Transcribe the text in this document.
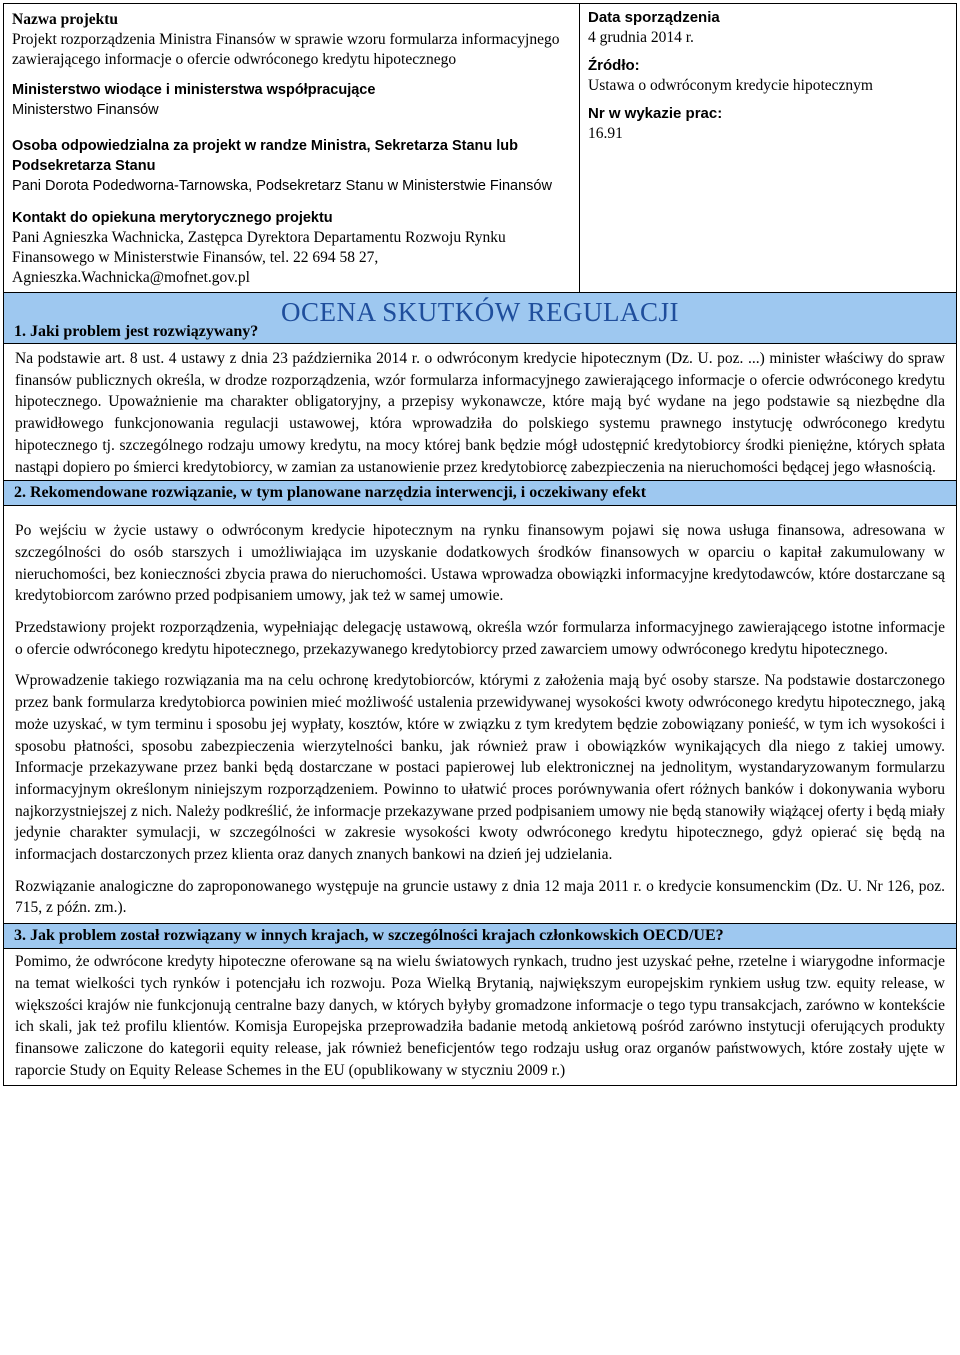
Nazwa projektu
Projekt rozporządzenia Ministra Finansów w sprawie wzoru formularza informacyjnego zawierającego informacje o ofercie odwróconego kredytu hipotecznego
Ministerstwo wiodące i ministerstwa współpracujące
Ministerstwo Finansów
Osoba odpowiedzialna za projekt w randze Ministra, Sekretarza Stanu lub Podsekretarza Stanu
Pani Dorota Podedworna-Tarnowska, Podsekretarz Stanu w Ministerstwie Finansów
Kontakt do opiekuna merytorycznego projektu
Pani Agnieszka Wachnicka, Zastępca Dyrektora Departamentu Rozwoju Rynku Finansowego w Ministerstwie Finansów, tel. 22 694 58 27, Agnieszka.Wachnicka@mofnet.gov.pl
Data sporządzenia
4 grudnia 2014 r.
Źródło:
Ustawa o odwróconym kredycie hipotecznym
Nr w wykazie prac:
16.91
OCENA SKUTKÓW REGULACJI
1. Jaki problem jest rozwiązywany?

Na podstawie art. 8 ust. 4 ustawy z dnia 23 października 2014 r. o odwróconym kredycie hipotecznym (Dz. U. poz. ...) minister właściwy do spraw finansów publicznych określa, w drodze rozporządzenia, wzór formularza informacyjnego zawierającego informacje o ofercie odwróconego kredytu hipotecznego. Upoważnienie ma charakter obligatoryjny, a przepisy wykonawcze, które mają być wydane na jego podstawie są niezbędne dla prawidłowego funkcjonowania regulacji ustawowej, która wprowadziła do polskiego systemu prawnego instytucję odwróconego kredytu hipotecznego tj. szczególnego rodzaju umowy kredytu, na mocy której bank będzie mógł udostępnić kredytobiorcy środki pieniężne, których spłata nastąpi dopiero po śmierci kredytobiorcy, w zamian za ustanowienie przez kredytobiorcę zabezpieczenia na nieruchomości będącej jego własnością.

2. Rekomendowane rozwiązanie, w tym planowane narzędzia interwencji, i oczekiwany efekt

Po wejściu w życie ustawy o odwróconym kredycie hipotecznym na rynku finansowym pojawi się nowa usługa finansowa, adresowana w szczególności do osób starszych i umożliwiająca im uzyskanie dodatkowych środków finansowych w oparciu o kapitał zakumulowany w nieruchomości, bez konieczności zbycia prawa do nieruchomości. Ustawa wprowadza obowiązki informacyjne kredytodawców, które dostarczane są kredytobiorcom zarówno przed podpisaniem umowy, jak też w samej umowie.

Przedstawiony projekt rozporządzenia, wypełniając delegację ustawową, określa wzór formularza informacyjnego zawierającego istotne informacje o ofercie odwróconego kredytu hipotecznego, przekazywanego kredytobiorcy przed zawarciem umowy odwróconego kredytu hipotecznego.

Wprowadzenie takiego rozwiązania ma na celu ochronę kredytobiorców, którymi z założenia mają być osoby starsze. Na podstawie dostarczonego przez bank formularza kredytobiorca powinien mieć możliwość ustalenia przewidywanej wysokości kwoty odwróconego kredytu hipotecznego, jaką może uzyskać, w tym terminu i sposobu jej wypłaty, kosztów, które w związku z tym kredytem będzie zobowiązany ponieść, w tym ich wysokości i sposobu płatności, sposobu zabezpieczenia wierzytelności banku, jak również praw i obowiązków wynikających dla niego z takiej umowy. Informacje przekazywane przez banki będą dostarczane w postaci papierowej lub elektronicznej na jednolitym, wystandaryzowanym formularzu informacyjnym określonym niniejszym rozporządzeniem. Powinno to ułatwić proces porównywania ofert różnych banków i dokonywania wyboru najkorzystniejszej z nich. Należy podkreślić, że informacje przekazywane przed podpisaniem umowy nie będą stanowiły wiążącej oferty i będą miały jedynie charakter symulacji, w szczególności w zakresie wysokości kwoty odwróconego kredytu hipotecznego, gdyż opierać się będą na informacjach dostarczonych przez klienta oraz danych znanych bankowi na dzień jej udzielania.

Rozwiązanie analogiczne do zaproponowanego występuje na gruncie ustawy z dnia 12 maja 2011 r. o kredycie konsumenckim (Dz. U. Nr 126, poz. 715, z późn. zm.).

3. Jak problem został rozwiązany w innych krajach, w szczególności krajach członkowskich OECD/UE?

Pomimo, że odwrócone kredyty hipoteczne oferowane są na wielu światowych rynkach, trudno jest uzyskać pełne, rzetelne i wiarygodne informacje na temat wielkości tych rynków i potencjału ich rozwoju. Poza Wielką Brytanią, największym europejskim rynkiem usług tzw. equity release, w większości krajów nie funkcjonują centralne bazy danych, w których byłyby gromadzone informacje o tego typu transakcjach, zarówno w kontekście ich skali, jak też profilu klientów. Komisja Europejska przeprowadziła badanie metodą ankietową pośród zarówno instytucji oferujących produkty finansowe zaliczone do kategorii equity release, jak również beneficjentów tego rodzaju usług oraz organów państwowych, które zostały ujęte w raporcie Study on Equity Release Schemes in the EU (opublikowany w styczniu 2009 r.)
